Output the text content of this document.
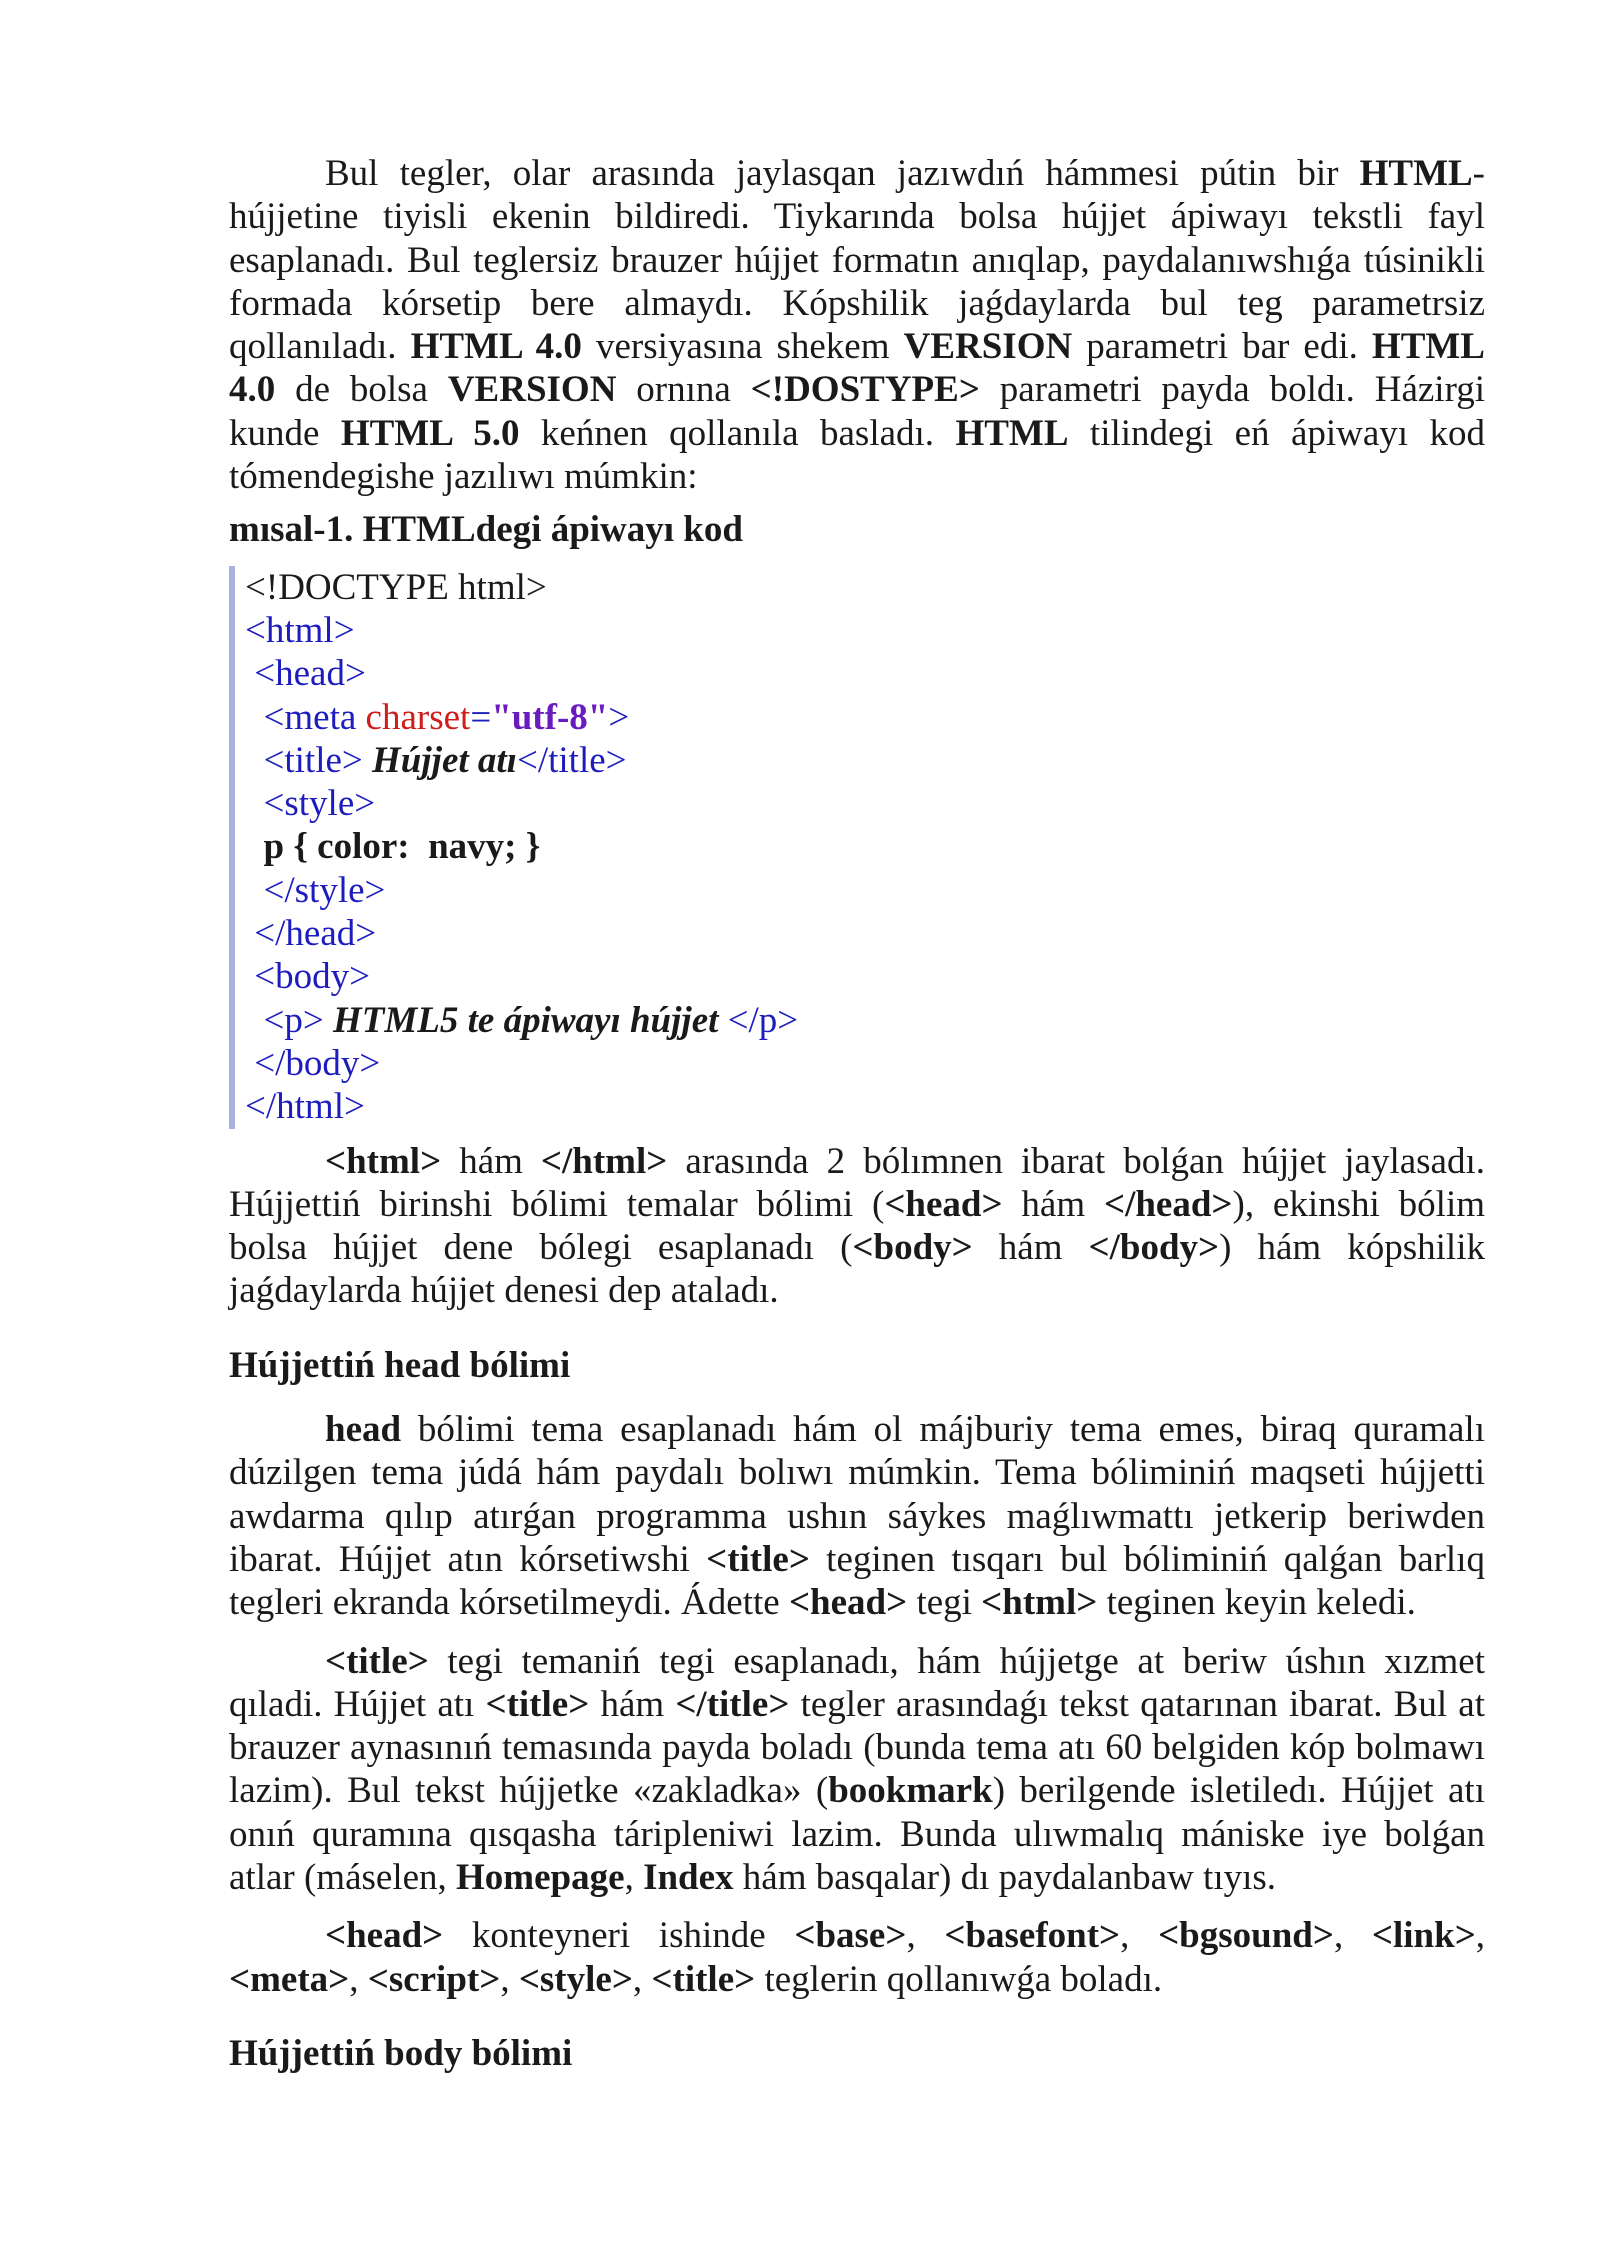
Bul tegler, olar arasında jaylasqan jazıwdıń hámmesi pútin bir HTML-hújjetine tiyisli ekenin bildiredi. Tiykarında bolsa hújjet ápiwayı tekstli fayl esaplanadı. Bul teglersiz brauzer hújjet formatın anıqlap, paydalanıwshıǵa túsinikli formada kórsetip bere almaydı. Kópshilik jaǵdaylarda bul teg parametrsiz qollanıladı. HTML 4.0 versiyasına shekem VERSION parametri bar edi. HTML 4.0 de bolsa VERSION ornına <!DOSTYPE> parametri payda boldı. Házirgi kunde HTML 5.0 keńnen qollanıla basladı. HTML tilindegi eń ápiwayı kod tómendegishe jazılıwı múmkin:

mısal-1. HTMLdegi ápiwayı kod
<!DOCTYPE html>
<html>
<head>
<meta charset="utf-8">
<title> Hújjet atı</title>
<style>
p { color:  navy; }
</style>
</head>
<body>
<p> HTML5 te ápiwayı hújjet </p>
</body>
</html>

<html> hám </html> arasında 2 bólımnen ibarat bolǵan hújjet jaylasadı. Hújjettiń birinshi bólimi temalar bólimi (<head> hám </head>), ekinshi bólim bolsa hújjet dene bólegi esaplanadı (<body> hám </body>) hám kópshilik jaǵdaylarda hújjet denesi dep ataladı.

Hújjettiń head bólimi

head bólimi tema esaplanadı hám ol májburiy tema emes, biraq quramalı dúzilgen tema júdá hám paydalı bolıwı múmkin. Tema bóliminiń maqseti hújjetti awdarma qılıp atırǵan programma ushın sáykes maǵlıwmattı jetkerip beriwden ibarat. Hújjet atın kórsetiwshi <title> teginen tısqarı bul bóliminiń qalǵan barlıq tegleri ekranda kórsetilmeydi. Ádette <head> tegi <html> teginen keyin keledi.

<title> tegi temaniń tegi esaplanadı, hám hújjetge at beriw úshın xızmet qıladi. Hújjet atı <title> hám </title> tegler arasındaǵı tekst qatarınan ibarat. Bul at brauzer aynasınıń temasında payda boladı (bunda tema atı 60 belgiden kóp bolmawı lazim). Bul tekst hújjetke «zakladka» (bookmark) berilgende isletiledı. Hújjet atı onıń quramına qısqasha táripleniwi lazim. Bunda ulıwmalıq mániske iye bolǵan atlar (máselen, Homepage, Index hám basqalar) dı paydalanbaw tıyıs.

<head> konteyneri ishinde <base>, <basefont>, <bgsound>, <link>, <meta>, <script>, <style>, <title> teglerin qollanıwǵa boladı.

Hújjettiń body bólimi
